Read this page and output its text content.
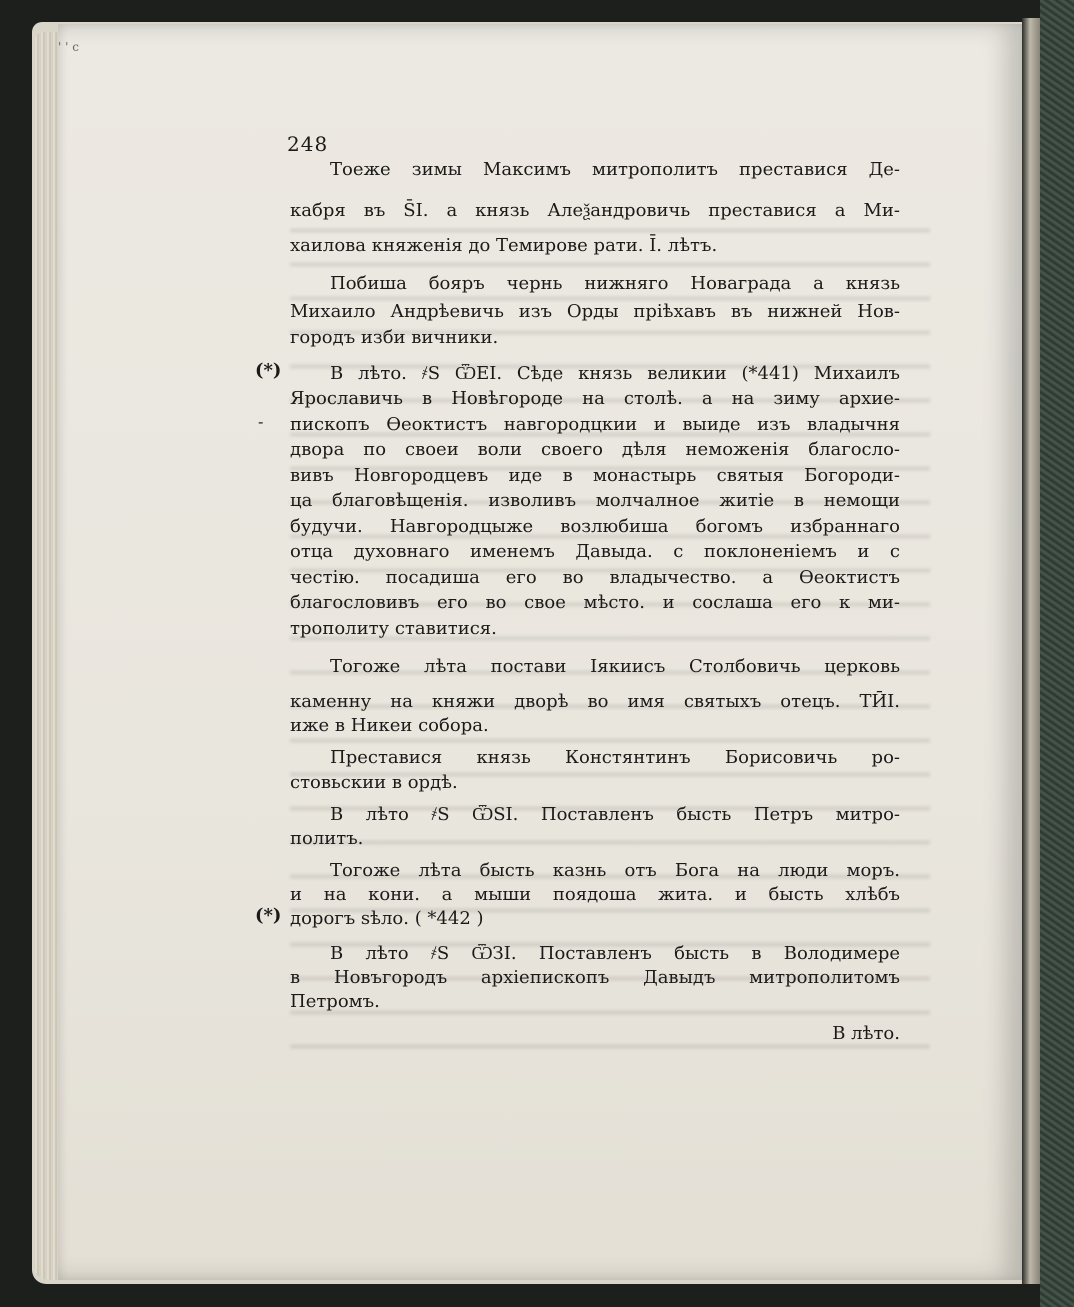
' ' c
248
Тоеже зимы Максимъ митрополитъ преставися Де-
кабря въ S̄I. а князь Алеѯандровичь преставися а Ми-
хаилова княженія до Темирове рати. І̄. лѣтъ.
Побиша бояръ чернь нижняго Новаграда а князь
Михаило Андрѣевичь изъ Орды пріѣхавъ въ нижней Нов-
городъ изби вичники.
(*)	В лѣто. ҂S ѾЕІ. Сѣде князь великии (*441) Михаилъ
Ярославичь в Новѣгороде на столѣ. а на зиму архие-
- пископъ Ѳеоктистъ навгородцкии и выиде изъ владычня
двора по своеи воли своего дѣля неможенія благосло-
вивъ Новгородцевъ иде в монастырь святыя Богороди-
ца благовѣщенія. изволивъ молчалное житіе в немощи
будучи. Навгородцыже возлюбиша богомъ избраннаго
отца духовнаго именемъ Давыда. с поклоненіемъ и с
честію. посадиша его во владычество. а Ѳеоктистъ
благословивъ его во свое мѣсто. и сослаша его к ми-
трополиту ставитися.
Тогоже лѣта постави Іякиисъ Столбовичь церковь
каменну на княжи дворѣ во имя святыхъ отецъ. ТӢІ.
иже в Никеи собора.
Преставися князь Констянтинъ Борисовичь ро-
стовьскии в ордѣ.
В лѣто ҂S ѾЅІ. Поставленъ бысть Петръ митро-
политъ.
Тогоже лѣта бысть казнь отъ Бога на люди моръ.
и на кони. а мыши поядоша жита. и бысть хлѣбъ
(*) дорогъ sѣло. ( *442 )
В лѣто ҂S ѾЗІ. Поставленъ бысть в Володимере
в Новъгородъ архіепископъ Давыдъ митрополитомъ
Петромъ.
В лѣто.
